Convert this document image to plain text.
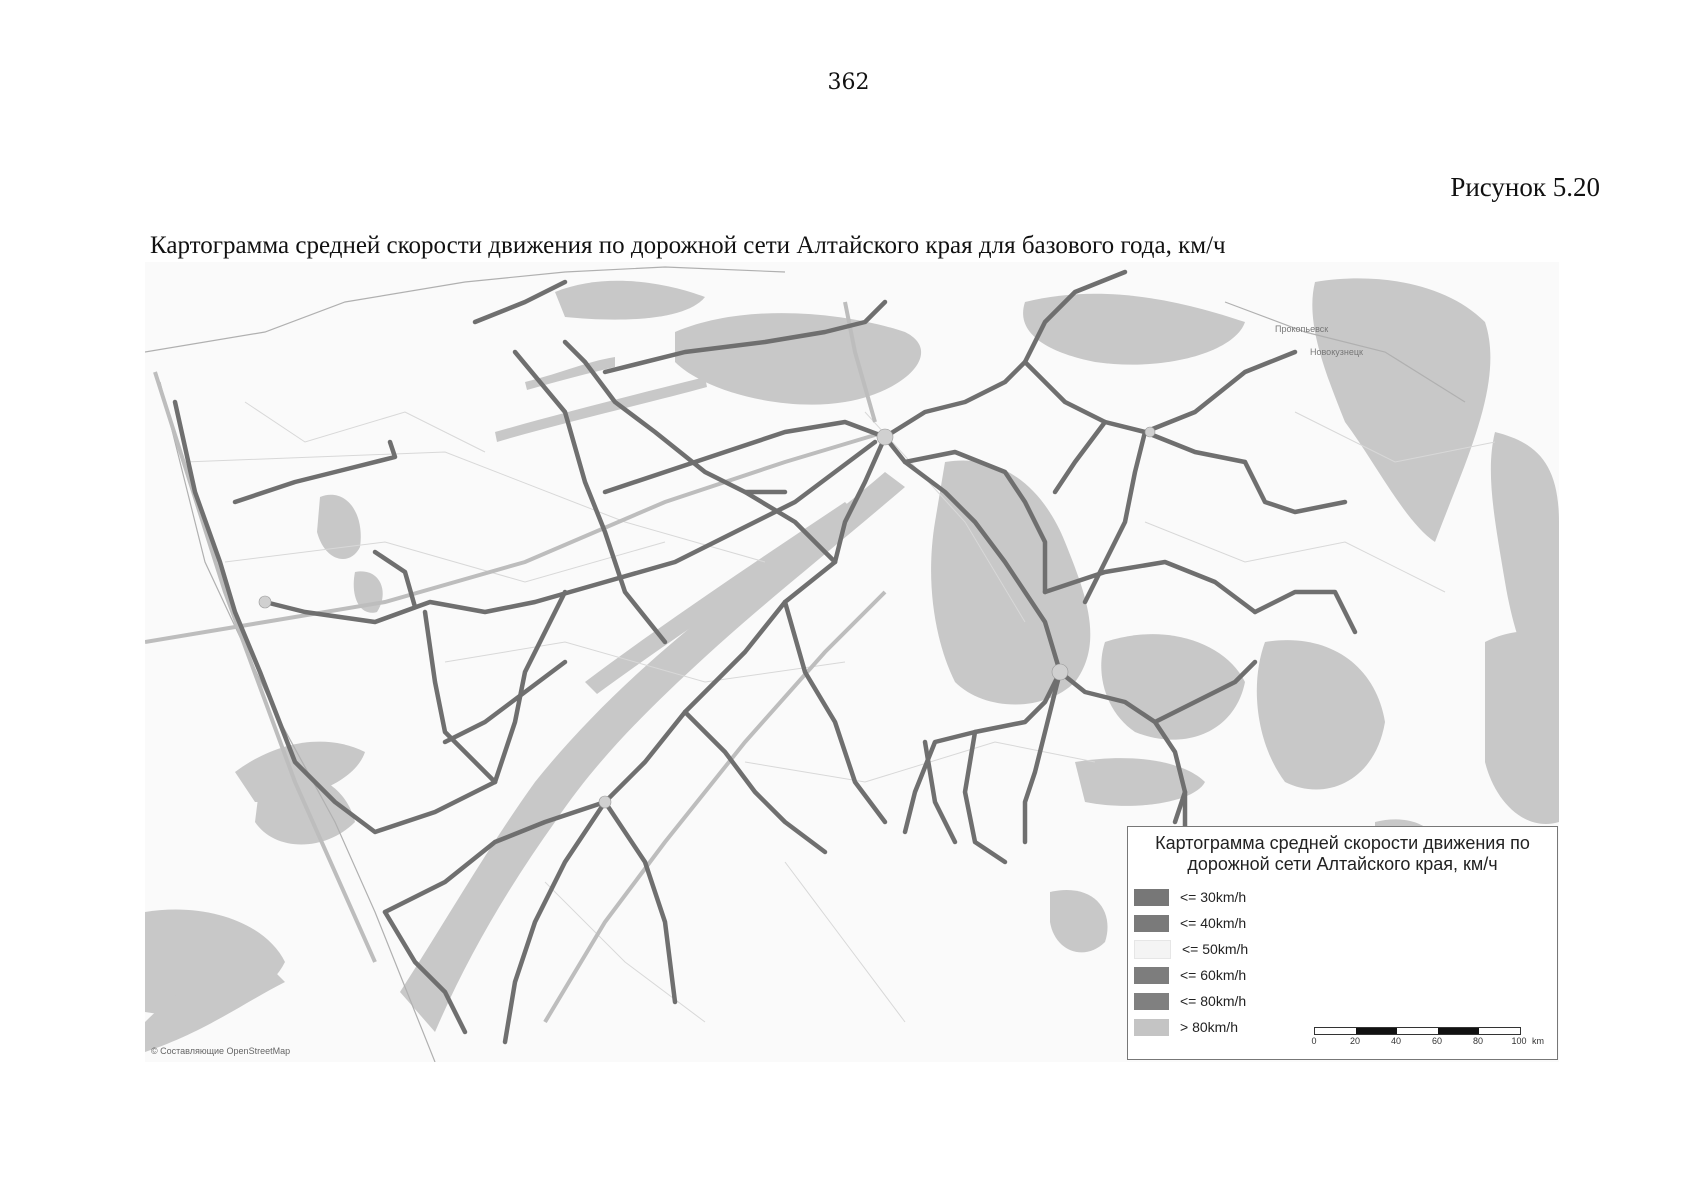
362
Рисунок 5.20
Картограмма средней скорости движения по дорожной сети Алтайского края для базового года, км/ч
Прокопьевск
Новокузнецк
© Составляющие OpenStreetMap
Картограмма средней скорости движения по дорожной сети Алтайского края, км/ч
<= 30km/h
<= 40km/h
<= 50km/h
<= 60km/h
<= 80km/h
> 80km/h
0	20	40	60	80	100 km
